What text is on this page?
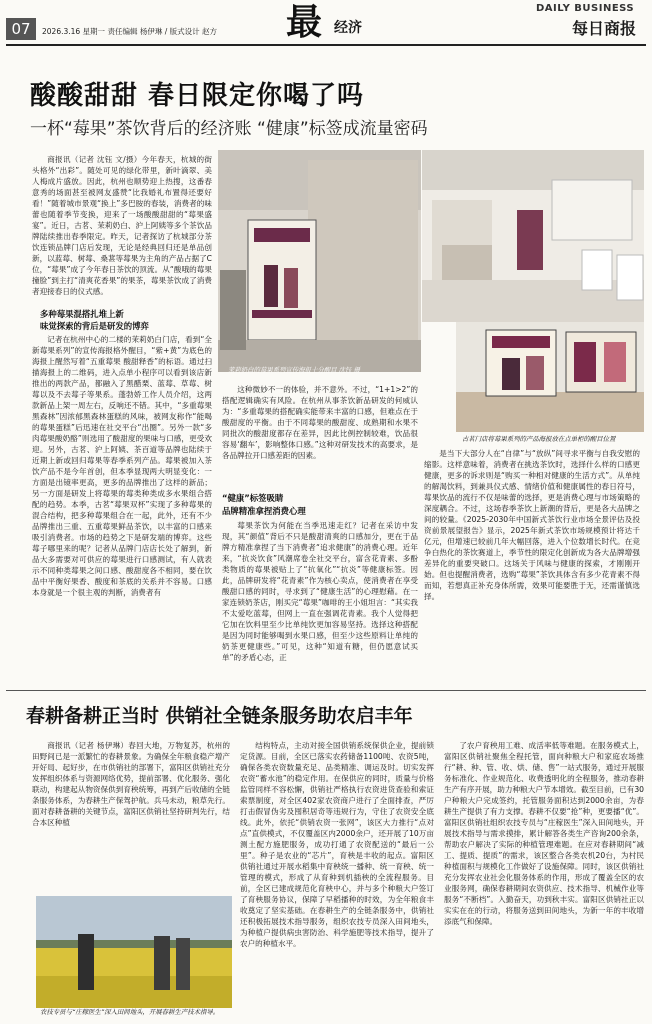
07	2026.3.16 星期一 责任编辑 杨伊琳 / 版式设计 赵方 最 经济
DAILY BUSINESS
每日商报
酸酸甜甜 春日限定你喝了吗
一杯“莓果”茶饮背后的经济账 “健康”标签成流量密码
商报讯（记者 沈钰 文/摄）今年春天，杭城的街头格外“出彩”。随处可见的绿化带里，新叶滴翠、美人梅成片盛放。因此，杭州也顺势迎上热搜，这番春意秀的场面甚至被网友盛赞“比我婚礼布置得还要好看！”随着城市景观“换上”多巴胺的春装，消费者的味蕾也随着季节变换，迎来了一场酸酸甜甜的“莓果盛宴”。近日，古茗、茉莉奶白、沪上阿姨等多个茶饮品牌陆续推出春季限定。昨天，记者探访了杭城部分茶饮连锁品牌门店后发现，无论是经典回归还是单品创新，以蓝莓、树莓、桑葚等莓果为主角的产品占据了C位，“莓果”成了今年春日茶饮的顶流。从“酸哦的莓果撞脸”到主打“清爽花香果”的果茶，莓果茶饮成了消费者迎接春日的仪式感。
茉莉奶白的莓果系列宣传海报十分醒目 沈钰 摄
古茗门店将莓果系列的产品海报放在点单柜的醒目位置
多种莓果混搭扎堆上新
味觉探索的背后是研发的博弈
记者在杭州中心的二楼的茉莉奶白门店，看到“全新莓果系列”的宣传海报格外醒目，“紫+黄”为底色的海报上醒然写着“五重莓果 酸甜释香”的标语。通过扫描海报上的二维码，进入点单小程序可以看到该店新推出的两款产品，都融入了黑醋栗、蓝莓、草莓、树莓以及不去莓子等果系。蓬勃娇工作人员介绍，这两款新品上架一周左右，反响还不错。其中，“多重莓果黑森林”因浓郁黑森林蛋糕的风味，被网友称作“能喝的莓果蛋糕”后迅速在社交平台“出圈”。另外一款“多肉莓果酸奶酪”则选用了酸甜度的果味与口感，更受欢迎。另外，古茗、沪上阿姨、茶百道等品牌也陆续于近期上新或回归莓果等春季系列产品。莓果被加入茶饮产品不是今年首创，但本季显现两大明显变化：一方面是出镜率更高，更多的品牌推出了这样的新品；另一方面是研发上将莓果的莓类种类成多水果组合搭配的趋势。本季，古茗“莓果双杯”实现了多种莓果的混合结构，把多种莓果组合在一起，此外，还有不少品牌推出三重、五重莓果鲜品茶饮，以丰富的口感来吸引消费者。市场的趋势之下是研发端的博弈。这些莓子哪里来的呢？记者从品牌门店店长处了解到，新品大多需要对可供应的莓果进行口感测试，有人就表示不同种类莓果之间口感、酸甜度各不相同，要在饮品中平衡好果香、酸度和茶底的关系并不容易。口感本身就是一个很主观的判断，消费者有
这种微妙不一的体验，并不意外。不过，“1+1>2”的搭配逻辑确实有风险。在杭州从事茶饮新品研发的何威认为：“多重莓果的搭配确实能带来丰富的口感，但难点在于酸甜度的平衡。由于不同莓果的酸甜度、成熟期和水果不同批次的酸甜度都存在差异，因此比例控制较难，饮品很容易‘翻车’，影响整体口感。”这种对研发技术的高要求，是各品牌拉开口感差距的因素。
“健康”标签吸睛
品牌精准拿捏消费心理
莓果茶饮为何能在当季迅速走红？记者在采访中发现，其“颜值”背后不只是酸甜清爽的口感加分，更在于品牌方精准拿捏了当下消费者“追求健康”的消费心理。近年来，“抗炎饮食”风潮席卷全社交平台，富含花青素、多酚类物质的莓果被贴上了“抗氧化”“抗炎”等健康标签。因此，品牌研发将“花青素”作为核心卖点，使消费者在享受酸甜口感的同时，寻求到了“健康生活”的心理慰藉。在一家连锁奶茶店，刚买完“莓果”咖啡的王小姐坦言：“其实我不太爱吃蓝莓，但网上一直在强调花青素。我个人觉得把它加在饮料里至少比单纯饮更加容易坚持。选择这种搭配是因为同时能够喝到水果口感，但至少这些原料让单纯的奶茶更健康些。”可见，这种“知道有糖，但仍愿意试买单”的矛盾心态，正
是当下大部分人在“自律”与“放纵”间寻求平衡与自我安慰的缩影。这样意味着，消费者在挑选茶饮时，选择什么样的口感更健康，更多的诉求则是“购买一种相对健康的生活方式”。从单纯的解渴饮料，到兼具仪式感、情绪价值和健康属性的春日符号，莓果饮品的流行不仅是味蕾的选择，更是消费心理与市场策略的深度耦合。不过，这场春季茶饮上新潮的背后，更是各大品牌之间的较量。《2025-2030年中国新式茶饮行业市场全景评估及投资前景展望报告》显示，2025年新式茶饮市场规模预计将达千亿元，但增速已较前几年大幅回落，进入个位数增长时代。在竞争白热化的茶饮赛道上，季节性的限定化创新成为各大品牌增强差异化的重要突破口。这场关于风味与健康的探索，才刚刚开始。但也提醒消费者，选购“莓果”茶饮具体含有多少花青素不得而知，若想真正补充身体所需，效果可能要胜于无，还需谨慎选择。
春耕备耕正当时 供销社全链条服务助农启丰年
商报讯（记者 杨伊琳）春回大地，万物复苏，杭州的田野间已是一派繁忙的春耕景象。为确保全年粮食稳产增产开好局、起好步，在市供销社的部署下，富阳区供销社充分发挥组织体系与资源网络优势，提前部署、优化服务、强化联动，构建起从物资保供到育秧统筹，再到产后收储的全链条服务体系，为春耕生产保驾护航。兵马未动，粮草先行。面对春耕备耕的关键节点，富阳区供销社坚持研判先行，结合本区种植
农技专员与“庄稼医生”深入田间地头，开展春耕生产技术指导。
结构特点，主动对接全国供销系统保供企业，提前锁定货源。目前，全区已落实农药储备1100吨、农资5吨，确保各类农资数量充足、品类精准、调运及时。切实发挥农资“蓄水池”的稳定作用。在保供应的同时，质量与价格监管同样不容松懈，供销社严格执行农资进货查验和索证索票制度，对全区402家农资商户进行了全面排查，严厉打击假冒伪劣及囤积居奇等违规行为，守住了农资安全底线。此外，依托“供销农资一张网”，该区大力推行“点对点”直供模式，不仅覆盖区内2000余户，还开展了10万亩测土配方施肥服务，成功打通了农资配送的“最后一公里”。种子是农业的“芯片”，育秧是丰收的起点。富阳区供销社通过开展水稻集中育秧统一播种、统一育秧、统一管理的模式，形成了从育种到机插秧的全流程服务。目前，全区已建成规范化育秧中心，并与多个种粮大户签订了育秧服务协议，保障了早稻播种的时效，为全年粮食丰收奠定了坚实基础。在春耕生产的全链条服务中，供销社还积极拓展技术指导服务，组织农技专员深入田间地头，为种植户提供病虫害防治、科学施肥等技术指导，提升了农户的种植水平。
了农户育秧用工难、成活率低等难题。在服务模式上，富阳区供销社聚焦全程托管，面向种粮大户和家庭农场推行“耕、种、管、收、烘、储、售”一站式服务，通过开展服务标准化、作业规范化、收费透明化的全程服务，推动春耕生产有序开展，助力种粮大户节本增效。截至目前，已有30户种粮大户完成签约，托管服务面积达到2000余亩，为春耕生产提供了有力支撑。春耕不仅要“抢”种，更要播“优”。富阳区供销社组织农技专员与“庄稼医生”深入田间地头，开展技术指导与需求摸排，累计解答各类生产咨询200余条，帮助农户解决了实际的种植管理难题。在应对春耕期间“减工、提质、提质”的需求，该区整合各类农机20台，为村民种植面积与规模化工作做好了设施保障。同时，该区供销社充分发挥农业社会化服务体系的作用，形成了覆盖全区的农业服务网，确保春耕期间农资供应、技术指导、机械作业等服务“不断档”。入勤奋天，功到秋丰实。富阳区供销社正以实实在在的行动，将服务送到田间地头，为新一年的丰收增添底气和保障。
